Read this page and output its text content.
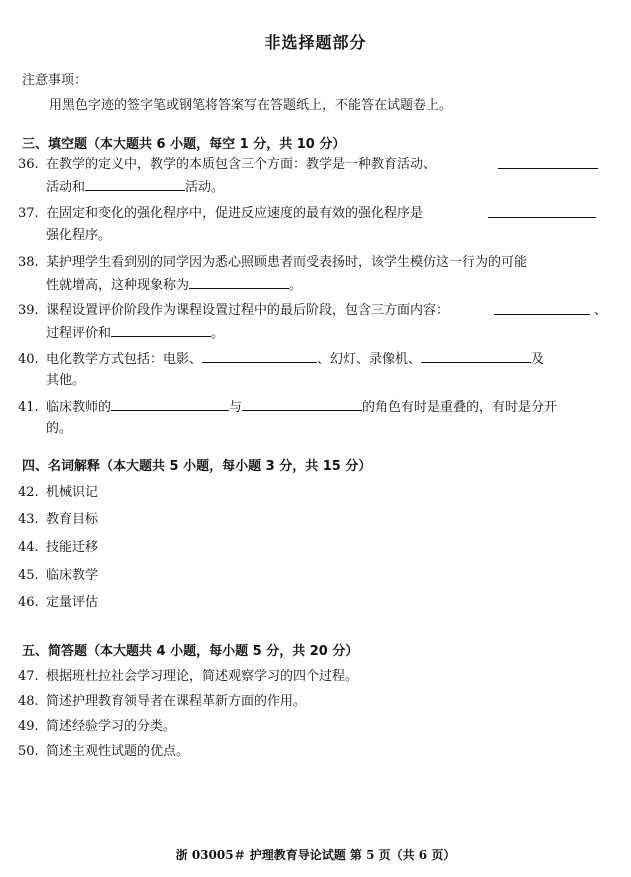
非选择题部分
注意事项：
用黑色字迹的签字笔或钢笔将答案写在答题纸上，不能答在试题卷上。
三、填空题（本大题共 6 小题，每空 1 分，共 10 分）
36. 在教学的定义中，教学的本质包含三个方面：教学是一种教育活动、
活动和	活动。
37. 在固定和变化的强化程序中，促进反应速度的最有效的强化程序是
强化程序。
38. 某护理学生看到别的同学因为悉心照顾患者而受表扬时，该学生模仿这一行为的可能
性就增高，这种现象称为	。
39. 课程设置评价阶段作为课程设置过程中的最后阶段，包含三方面内容：	、
过程评价和	。
40. 电化教学方式包括：电影、	、幻灯、录像机、	及
其他。
41. 临床教师的	与	的角色有时是重叠的，有时是分开
的。
四、名词解释（本大题共 5 小题，每小题 3 分，共 15 分）
42. 机械识记
43. 教育目标
44. 技能迁移
45. 临床教学
46. 定量评估
五、简答题（本大题共 4 小题，每小题 5 分，共 20 分）
47. 根据班杜拉社会学习理论，简述观察学习的四个过程。
48. 简述护理教育领导者在课程革新方面的作用。
49. 简述经验学习的分类。
50. 简述主观性试题的优点。
浙 03005＃ 护理教育导论试题 第 5 页（共 6 页）
